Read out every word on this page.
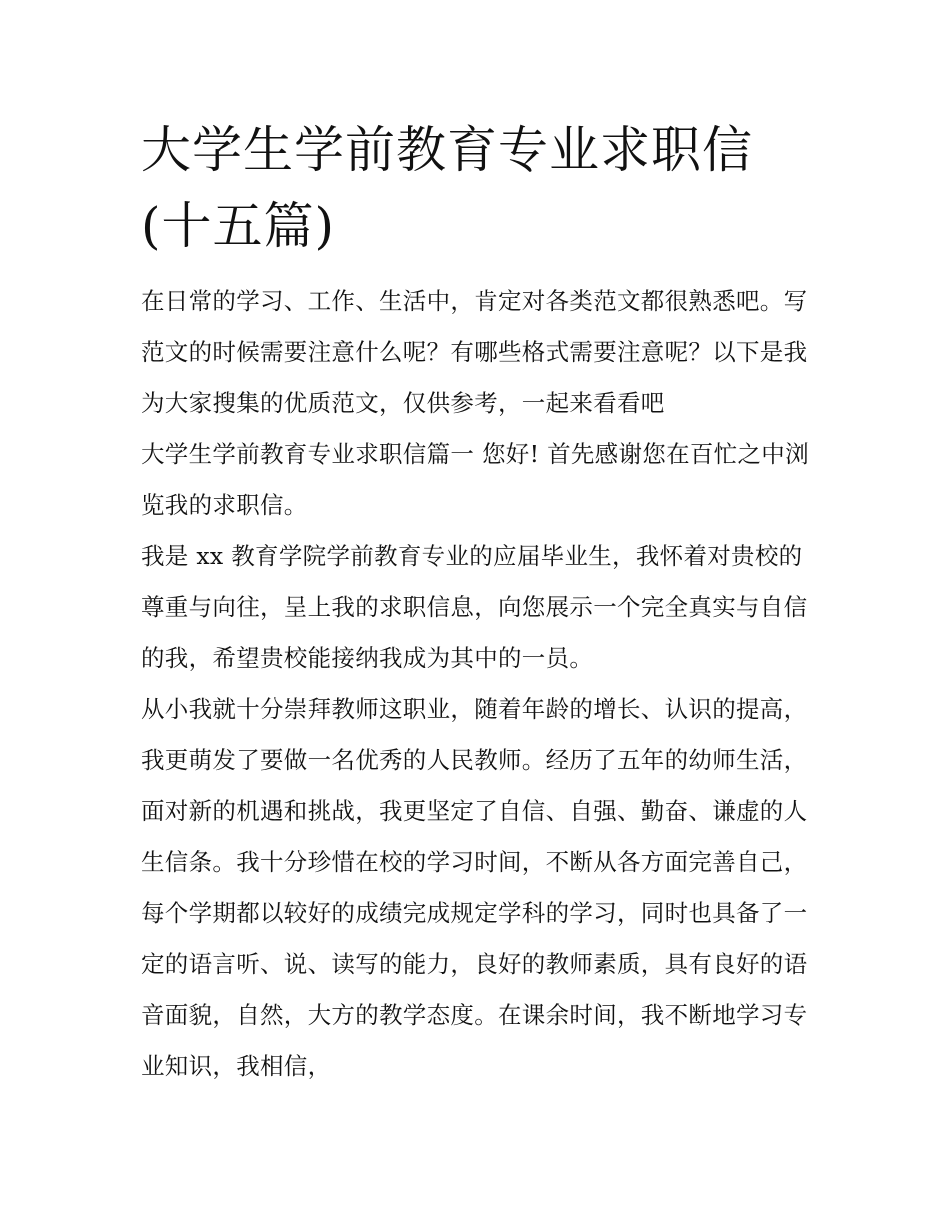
大学生学前教育专业求职信(十五篇)

在日常的学习、工作、生活中，肯定对各类范文都很熟悉吧。写范文的时候需要注意什么呢？有哪些格式需要注意呢？以下是我为大家搜集的优质范文，仅供参考，一起来看看吧

大学生学前教育专业求职信篇一 您好! 首先感谢您在百忙之中浏览我的求职信。

我是 xx 教育学院学前教育专业的应届毕业生，我怀着对贵校的尊重与向往，呈上我的求职信息，向您展示一个完全真实与自信的我，希望贵校能接纳我成为其中的一员。

从小我就十分崇拜教师这职业，随着年龄的增长、认识的提高，我更萌发了要做一名优秀的人民教师。经历了五年的幼师生活，面对新的机遇和挑战，我更坚定了自信、自强、勤奋、谦虚的人生信条。我十分珍惜在校的学习时间，不断从各方面完善自己，每个学期都以较好的成绩完成规定学科的学习，同时也具备了一定的语言听、说、读写的能力，良好的教师素质，具有良好的语音面貌，自然，大方的教学态度。在课余时间，我不断地学习专业知识，我相信，
